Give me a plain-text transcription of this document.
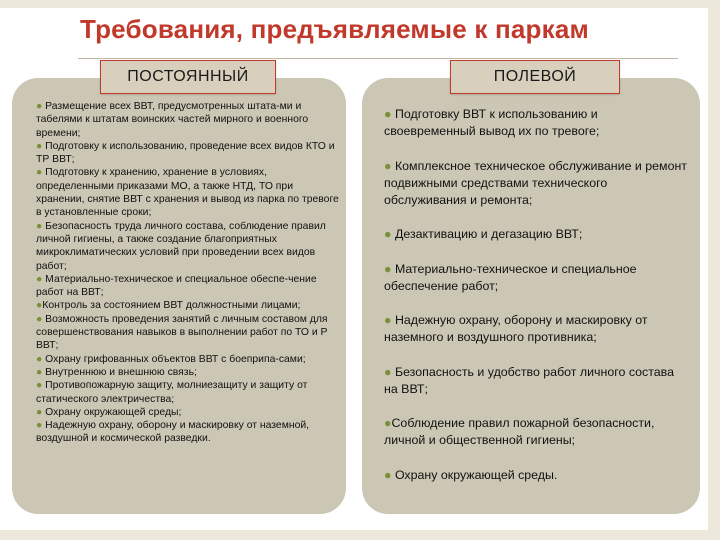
Требования, предъявляемые к паркам
ПОСТОЯННЫЙ	ПОЛЕВОЙ
● Размещение всех ВВТ, предусмотренных штата-ми и табелями к штатам воинских частей мирного и военного времени;
● Подготовку к использованию, проведение всех видов КТО и ТР ВВТ;
● Подготовку к хранению, хранение в условиях, определенными приказами МО, а также НТД, ТО при хранении, снятие ВВТ с хранения и вывод из парка по тревоге в установленные сроки;
● Безопасность труда личного состава, соблюдение правил личной гигиены, а также создание благоприятных микроклиматических условий при проведении всех видов работ;
● Материально-техническое и специальное обеспе-чение работ на ВВТ;
●Контроль за состоянием ВВТ должностными лицами;
● Возможность проведения занятий с личным составом для совершенствования навыков в выполнении работ по ТО и Р ВВТ;
● Охрану грифованных объектов ВВТ с боеприпа-сами;
● Внутреннюю и внешнюю связь;
● Противопожарную защиту, молниезащиту и защиту от статического электричества;
● Охрану окружающей среды;
● Надежную охрану, оборону и маскировку от наземной, воздушной и космической разведки.
● Подготовку ВВТ к использованию и своевременный вывод их по тревоге;
● Комплексное техническое обслуживание и ремонт подвижными средствами технического обслуживания и ремонта;
● Дезактивацию и дегазацию ВВТ;
● Материально-техническое и специальное обеспечение работ;
● Надежную охрану, оборону и маскировку от наземного и воздушного противника;
● Безопасность и удобство работ личного состава на ВВТ;
●Соблюдение правил пожарной безопасности, личной и общественной гигиены;
● Охрану окружающей среды.
